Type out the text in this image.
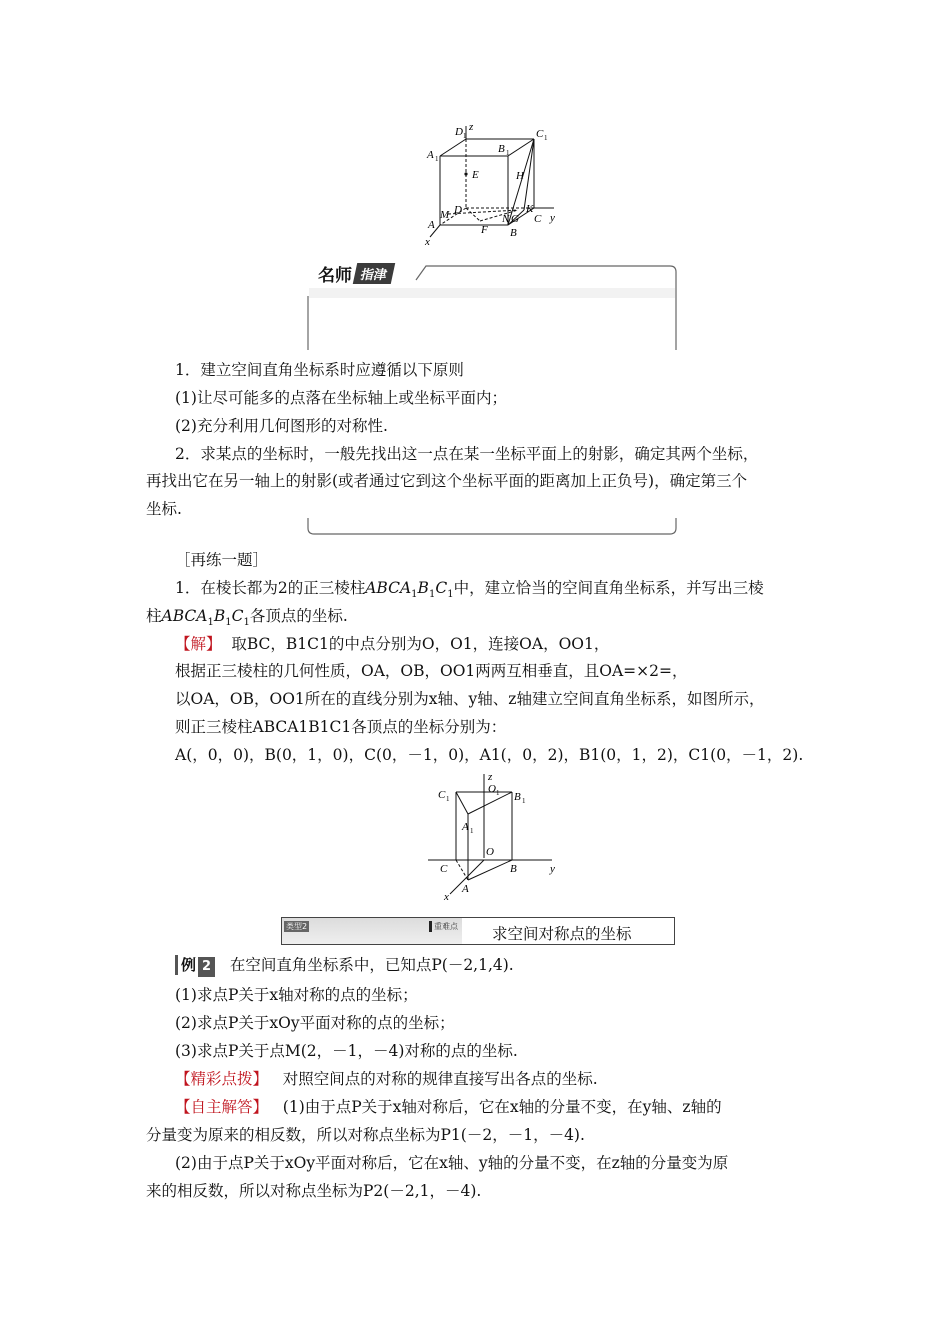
D 1
z
C 1
A 1
B 1
E	H
D
M	N G
K
C y
A	F B
x
名师 指津
1．建立空间直角坐标系时应遵循以下原则
(1)让尽可能多的点落在坐标轴上或坐标平面内；
(2)充分利用几何图形的对称性.
2．求某点的坐标时，一般先找出这一点在某一坐标平面上的射影，确定其两个坐标，
再找出它在另一轴上的射影(或者通过它到这个坐标平面的距离加上正负号)，确定第三个
坐标.
［再练一题］
1．在棱长都为2的正三棱柱$ABCA_1B_1C_1$中，建立恰当的空间直角坐标系，并写出三棱
柱$ABCA_1B_1C_1$各顶点的坐标.
【解】 取BC，B1C1的中点分别为O，O1，连接OA，OO1，
根据正三棱柱的几何性质，OA，OB，OO1两两互相垂直，且OA=×2=，
以OA，OB，OO1所在的直线分别为x轴、y轴、z轴建立空间直角坐标系，如图所示，
则正三棱柱ABCA1B1C1各顶点的坐标分别为：
A(，0，0)，B(0，1，0)，C(0，－1，0)，A1(，0，2)，B1(0，1，2)，C1(0，－1，2).
z
O 1
C 1	B 1
A 1
O
C	B	y
A
x
类型2	重难点 求空间对称点的坐标
例 2 在空间直角坐标系中，已知点P(－2,1,4).
(1)求点P关于x轴对称的点的坐标；
(2)求点P关于xOy平面对称的点的坐标；
(3)求点P关于点M(2，－1，－4)对称的点的坐标.
【精彩点拨】 对照空间点的对称的规律直接写出各点的坐标.
【自主解答】 (1)由于点P关于x轴对称后，它在x轴的分量不变，在y轴、z轴的
分量变为原来的相反数，所以对称点坐标为P1(－2，－1，－4).
(2)由于点P关于xOy平面对称后，它在x轴、y轴的分量不变，在z轴的分量变为原
来的相反数，所以对称点坐标为P2(－2,1，－4).
